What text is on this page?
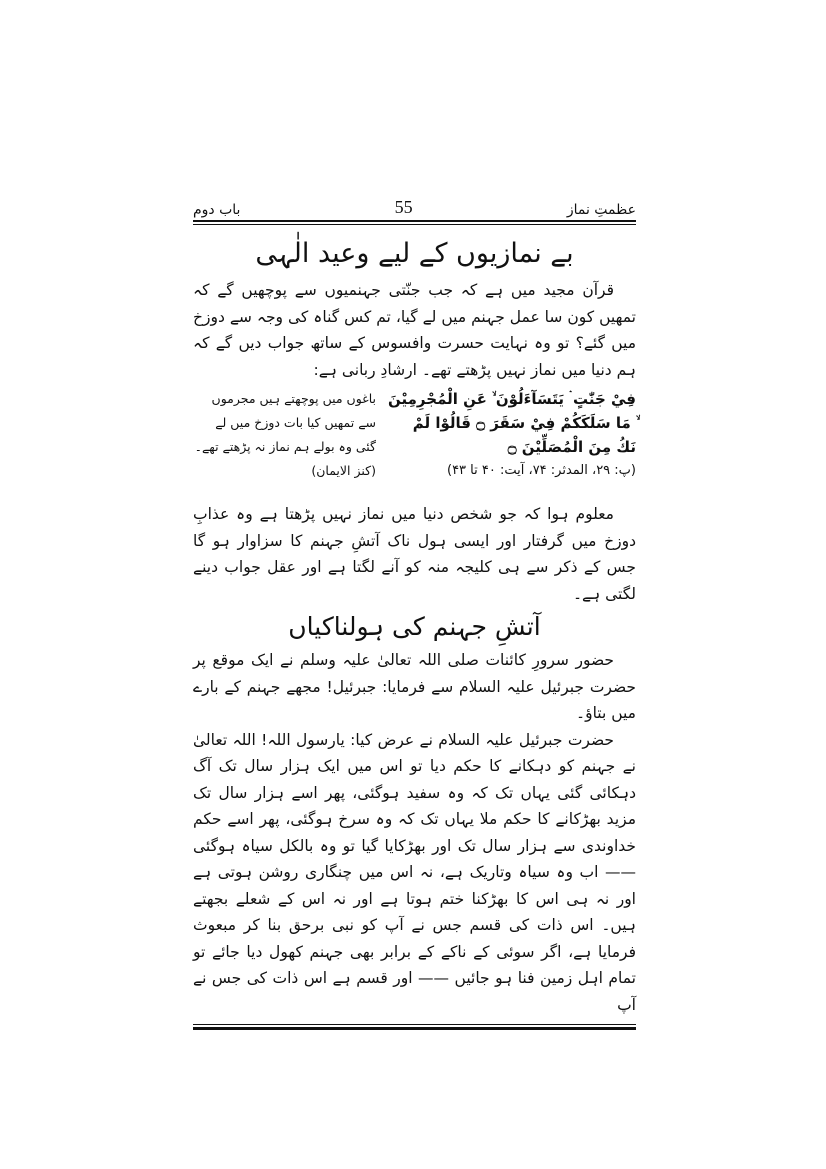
عظمتِ نماز
55
باب دوم
بے نمازیوں کے لیے وعید الٰہی

قرآن مجید میں ہے کہ جب جنّتی جہنمیوں سے پوچھیں گے کہ تمھیں کون سا عمل جہنم میں لے گیا، تم کس گناہ کی وجہ سے دوزخ میں گئے؟ تو وہ نہایت حسرت وافسوس کے ساتھ جواب دیں گے کہ ہم دنیا میں نماز نہیں پڑھتے تھے۔ ارشادِ ربانی ہے:

فِيْ جَنّٰتٍ ۛ يَتَسَآءَلُوْنَ ۙ عَنِ الْمُجْرِمِيْنَ ۙ مَا سَلَكَكُمْ فِيْ سَقَرَ ۝ قَالُوْا لَمْ نَكُ مِنَ الْمُصَلِّيْنَ ۝
(پ: ۲۹، المدثر: ۷۴، آیت: ۴۰ تا ۴۳)
باغوں میں پوچھتے ہیں مجرموں سے تمھیں کیا بات دوزخ میں لے گئی وہ بولے ہم نماز نہ پڑھتے تھے۔ (کنز الایمان)

معلوم ہوا کہ جو شخص دنیا میں نماز نہیں پڑھتا ہے وہ عذابِ دوزخ میں گرفتار اور ایسی ہول ناک آتشِ جہنم کا سزاوار ہو گا جس کے ذکر سے ہی کلیجہ منہ کو آنے لگتا ہے اور عقل جواب دینے لگتی ہے۔

آتشِ جہنم کی ہولناکیاں

حضور سرورِ کائنات صلی اللہ تعالیٰ علیہ وسلم نے ایک موقع پر حضرت جبرئیل علیہ السلام سے فرمایا: جبرئیل! مجھے جہنم کے بارے میں بتاؤ۔

حضرت جبرئیل علیہ السلام نے عرض کیا: یارسول اللہ! اللہ تعالیٰ نے جہنم کو دہکانے کا حکم دیا تو اس میں ایک ہزار سال تک آگ دہکائی گئی یہاں تک کہ وہ سفید ہوگئی، پھر اسے ہزار سال تک مزید بھڑکانے کا حکم ملا یہاں تک کہ وہ سرخ ہوگئی، پھر اسے حکم خداوندی سے ہزار سال تک اور بھڑکایا گیا تو وہ بالکل سیاہ ہوگئی —— اب وہ سیاہ وتاریک ہے، نہ اس میں چنگاری روشن ہوتی ہے اور نہ ہی اس کا بھڑکنا ختم ہوتا ہے اور نہ اس کے شعلے بجھتے ہیں۔ اس ذات کی قسم جس نے آپ کو نبی برحق بنا کر مبعوث فرمایا ہے، اگر سوئی کے ناکے کے برابر بھی جہنم کھول دیا جائے تو تمام اہل زمین فنا ہو جائیں —— اور قسم ہے اس ذات کی جس نے آپ
